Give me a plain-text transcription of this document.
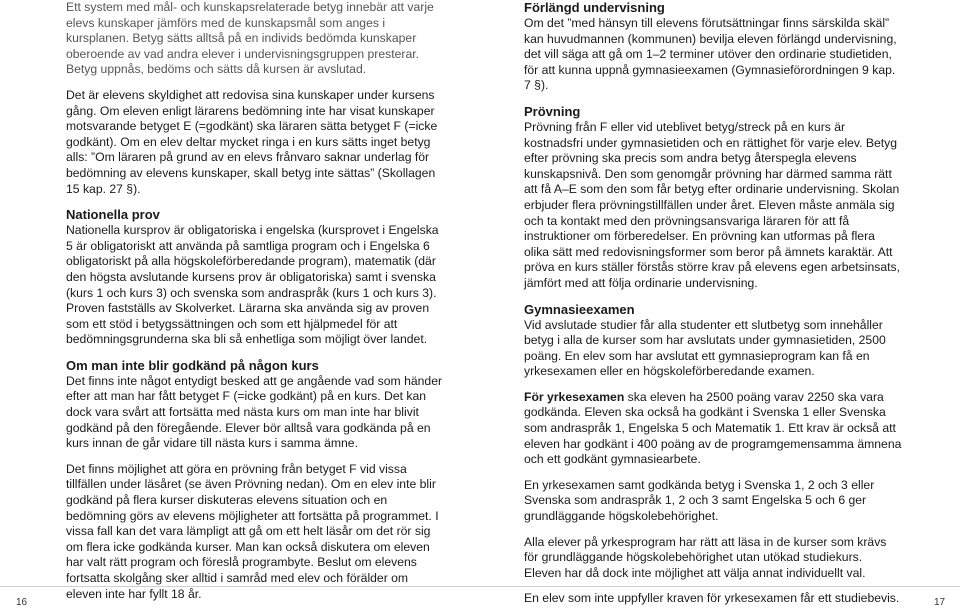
Ett system med mål- och kunskapsrelaterade betyg innebär att varje elevs kunskaper jämförs med de kunskapsmål som anges i kursplanen. Betyg sätts alltså på en individs bedömda kunskaper oberoende av vad andra elever i undervisningsgruppen presterar. Betyg uppnås, bedöms och sätts då kursen är avslutad.

Det är elevens skyldighet att redovisa sina kunskaper under kursens gång. Om eleven enligt lärarens bedömning inte har visat kunskaper motsvarande betyget E (=godkänt) ska läraren sätta betyget F (=icke godkänt). Om en elev deltar mycket ringa i en kurs sätts inget betyg alls: ”Om läraren på grund av en elevs frånvaro saknar underlag för bedömning av elevens kunskaper, skall betyg inte sättas” (Skollagen 15 kap. 27 §).

Nationella prov

Nationella kursprov är obligatoriska i engelska (kursprovet i Engelska 5 är obligatoriskt att använda på samtliga program och i Engelska 6 obligatoriskt på alla högskoleförberedande program), matematik (där den högsta avslutande kursens prov är obligatoriska) samt i svenska (kurs 1 och kurs 3) och svenska som andraspråk (kurs 1 och kurs 3). Proven fastställs av Skolverket. Lärarna ska använda sig av proven som ett stöd i betygssättningen och som ett hjälpmedel för att bedömningsgrunderna ska bli så enhetliga som möjligt över landet.

Om man inte blir godkänd på någon kurs

Det finns inte något entydigt besked att ge angående vad som händer efter att man har fått betyget F (=icke godkänt) på en kurs. Det kan dock vara svårt att fortsätta med nästa kurs om man inte har blivit godkänd på den föregående. Elever bör alltså vara godkända på en kurs innan de går vidare till nästa kurs i samma ämne.

Det finns möjlighet att göra en prövning från betyget F vid vissa tillfällen under läsåret (se även Prövning nedan). Om en elev inte blir godkänd på flera kurser diskuteras elevens situation och en bedömning görs av elevens möjligheter att fortsätta på programmet. I vissa fall kan det vara lämpligt att gå om ett helt läsår om det rör sig om flera icke godkända kurser. Man kan också diskutera om eleven har valt rätt program och föreslå programbyte. Beslut om elevens fortsatta skolgång sker alltid i samråd med elev och förälder om eleven inte har fyllt 18 år.

Förlängd undervisning

Om det ”med hänsyn till elevens förutsättningar finns särskilda skäl” kan huvudmannen (kommunen) bevilja eleven förlängd undervisning, det vill säga att gå om 1–2 terminer utöver den ordinarie studietiden, för att kunna uppnå gymnasieexamen (Gymnasieförordningen 9 kap. 7 §).

Prövning

Prövning från F eller vid uteblivet betyg/streck på en kurs är kostnadsfri under gymnasietiden och en rättighet för varje elev. Betyg efter prövning ska precis som andra betyg återspegla elevens kunskapsnivå. Den som genomgår prövning har därmed samma rätt att få A–E som den som får betyg efter ordinarie undervisning. Skolan erbjuder flera prövningstillfällen under året. Eleven måste anmäla sig och ta kontakt med den prövningsansvariga läraren för att få instruktioner om förberedelser. En prövning kan utformas på flera olika sätt med redovisningsformer som beror på ämnets karaktär. Att pröva en kurs ställer förstås större krav på elevens egen arbetsinsats, jämfört med att följa ordinarie undervisning.

Gymnasieexamen

Vid avslutade studier får alla studenter ett slutbetyg som innehåller betyg i alla de kurser som har avslutats under gymnasietiden, 2500 poäng. En elev som har avslutat ett gymnasieprogram kan få en yrkesexamen eller en högskoleförberedande examen.

För yrkesexamen ska eleven ha 2500 poäng varav 2250 ska vara godkända. Eleven ska också ha godkänt i Svenska 1 eller Svenska som andraspråk 1, Engelska 5 och Matematik 1. Ett krav är också att eleven har godkänt i 400 poäng av de programgemensamma ämnena och ett godkänt gymnasiearbete.

En yrkesexamen samt godkända betyg i Svenska 1, 2 och 3 eller Svenska som andraspråk 1, 2 och 3 samt Engelska 5 och 6 ger grundläggande högskolebehörighet.

Alla elever på yrkesprogram har rätt att läsa in de kurser som krävs för grundläggande högskolebehörighet utan utökad studiekurs. Eleven har då dock inte möjlighet att välja annat individuellt val.

En elev som inte uppfyller kraven för yrkesexamen får ett studiebevis.

16	17
